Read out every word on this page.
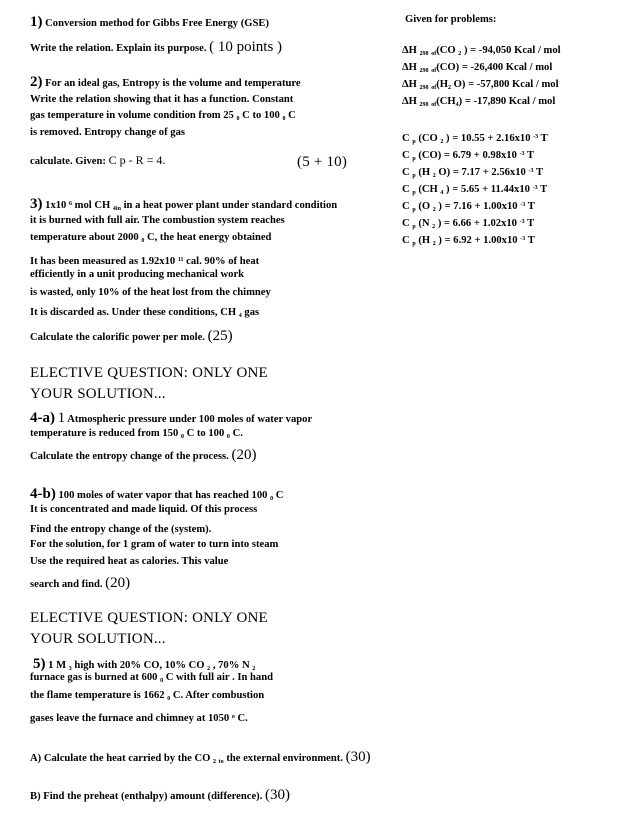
1) Conversion method for Gibbs Free Energy (GSE)
Write the relation. Explain its purpose. ( 10 points )
2) For an ideal gas, Entropy is the volume and temperature
Write the relation showing that it has a function. Constant
gas temperature in volume condition from 25 $_0$ C to 100 $_0$ C
is removed. Entropy change of gas
calculate. Given: C p - R = 4.	(5 + 10)
3) 1x10 $^6$ mol CH $_{4in}$ in a heat power plant under standard condition
it is burned with full air. The combustion system reaches
temperature about 2000 $_0$ C, the heat energy obtained
It has been measured as 1.92x10 $^{11}$ cal. 90% of heat
efficiently in a unit producing mechanical work
is wasted, only 10% of the heat lost from the chimney
It is discarded as. Under these conditions, CH $_4$ gas
Calculate the calorific power per mole. (25)
ELECTIVE QUESTION: ONLY ONE
YOUR SOLUTION...
4-a) 1 Atmospheric pressure under 100 moles of water vapor
temperature is reduced from 150 $_0$ C to 100 $_0$ C.
Calculate the entropy change of the process. (20)
4-b) 100 moles of water vapor that has reached 100 $_0$ C
It is concentrated and made liquid. Of this process
Find the entropy change of the (system).
For the solution, for 1 gram of water to turn into steam
Use the required heat as calories. This value
search and find. (20)
ELECTIVE QUESTION: ONLY ONE
YOUR SOLUTION...
5) 1 M $_3$ high with 20% CO, 10% CO $_2$ , 70% N $_2$
furnace gas is burned at 600 $_0$ C with full air . In hand
the flame temperature is 1662 $_0$ C. After combustion
gases leave the furnace and chimney at 1050 $^o$ C.
A) Calculate the heat carried by the CO $_2$ $_{to}$ the external environment. (30)
B) Find the preheat (enthalpy) amount (difference). (30)
Given for problems:
ΔH $_{298}$ $_{of}$(CO $_2$ ) = -94,050 Kcal / mol
ΔH $_{298}$ $_{of}$(CO) = -26,400 Kcal / mol
ΔH $_{298}$ $_{of}(H_2$ O) = -57,800 Kcal / mol
ΔH $_{298}$ $_{of}(CH_4) = -17,890$ Kcal / mol
C $_p$ (CO $_2$ ) = 10.55 + 2.16x10 $^{-3}$ T
C $_p$ (CO) = 6.79 + 0.98x10 $^{-3}$ T
C $_p$ (H $_2$ O) = 7.17 + 2.56x10 $^{-3}$ T
C $_p$ (CH $_4$ ) = 5.65 + 11.44x10 $^{-3}$ T
C $_p$ (O $_2$ ) = 7.16 + 1.00x10 $^{-3}$ T
C $_p$ (N $_2$ ) = 6.66 + 1.02x10 $^{-3}$ T
C $_p$ (H $_2$ ) = 6.92 + 1.00x10 $^{-3}$ T
